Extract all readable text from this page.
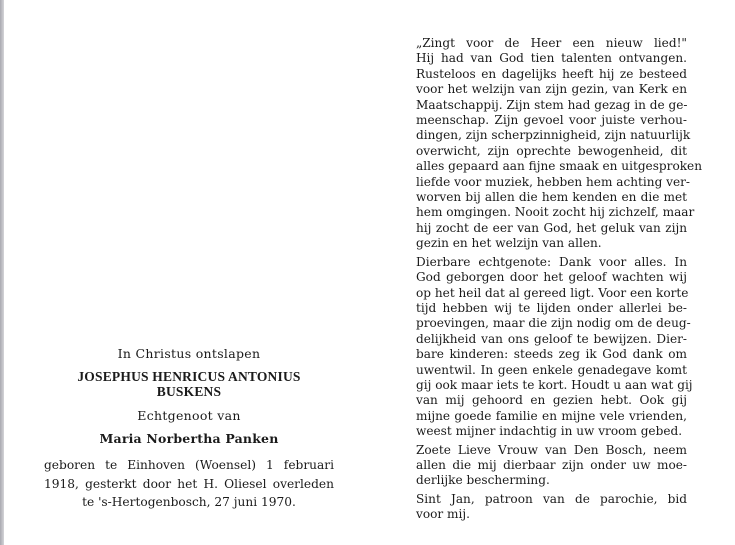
In Christus ontslapen

JOSEPHUS HENRICUS ANTONIUS

BUSKENS

Echtgenoot van

Maria Norbertha Panken

geboren te Einhoven (Woensel) 1 februari
1918, gesterkt door het H. Oliesel overleden
te 's-Hertogenbosch, 27 juni 1970.
„Zingt voor de Heer een nieuw lied!"
Hij had van God tien talenten ontvangen.
Rusteloos en dagelijks heeft hij ze besteed
voor het welzijn van zijn gezin, van Kerk en
Maatschappij. Zijn stem had gezag in de ge-
meenschap. Zijn gevoel voor juiste verhou-
dingen, zijn scherpzinnigheid, zijn natuurlijk
overwicht, zijn oprechte bewogenheid, dit
alles gepaard aan fijne smaak en uitgesproken
liefde voor muziek, hebben hem achting ver-
worven bij allen die hem kenden en die met
hem omgingen. Nooit zocht hij zichzelf, maar
hij zocht de eer van God, het geluk van zijn
gezin en het welzijn van allen.
Dierbare echtgenote: Dank voor alles. In
God geborgen door het geloof wachten wij
op het heil dat al gereed ligt. Voor een korte
tijd hebben wij te lijden onder allerlei be-
proevingen, maar die zijn nodig om de deug-
delijkheid van ons geloof te bewijzen. Dier-
bare kinderen: steeds zeg ik God dank om
uwentwil. In geen enkele genadegave komt
gij ook maar iets te kort. Houdt u aan wat gij
van mij gehoord en gezien hebt. Ook gij
mijne goede familie en mijne vele vrienden,
weest mijner indachtig in uw vroom gebed.
Zoete Lieve Vrouw van Den Bosch, neem
allen die mij dierbaar zijn onder uw moe-
derlijke bescherming.
Sint Jan, patroon van de parochie, bid
voor mij.
